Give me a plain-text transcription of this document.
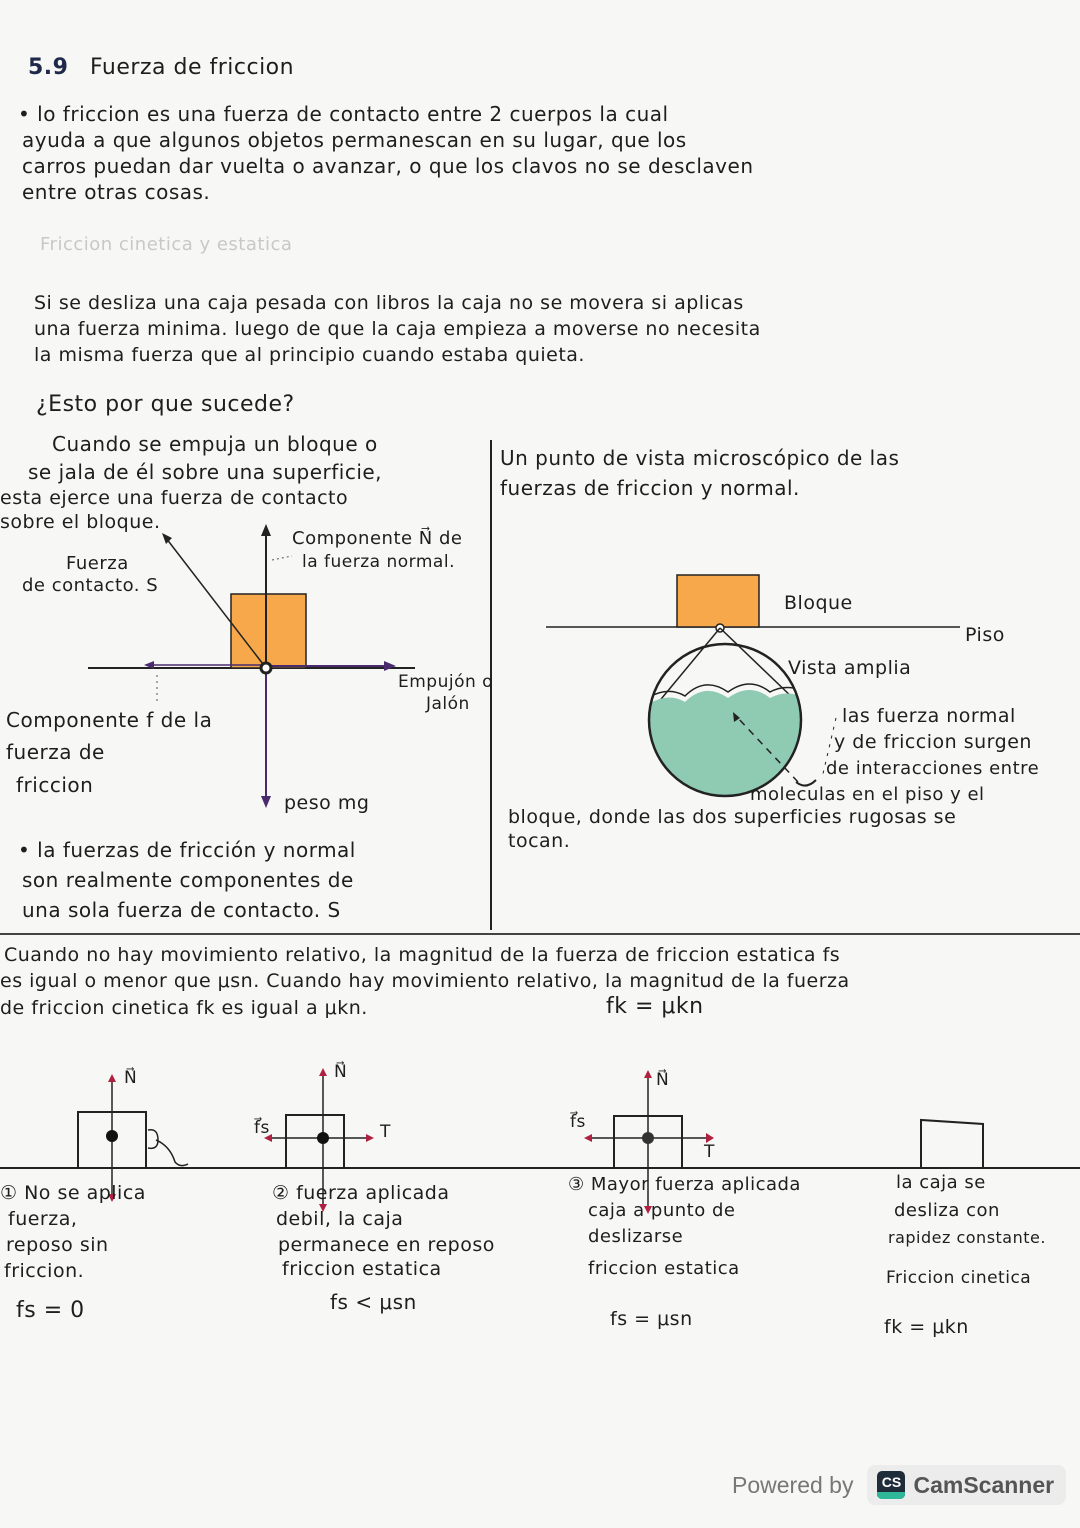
5.9 Fuerza de friccion
• lo friccion es una fuerza de contacto entre 2 cuerpos la cual
ayuda a que algunos objetos permanescan en su lugar, que los
carros puedan dar vuelta o avanzar, o que los clavos no se desclaven
entre otras cosas.
Friccion cinetica y estatica
Si se desliza una caja pesada con libros la caja no se movera si aplicas
una fuerza minima. luego de que la caja empieza a moverse no necesita
la misma fuerza que al principio cuando estaba quieta.
¿Esto por que sucede?
Cuando se empuja un bloque o
se jala de él sobre una superficie,
esta ejerce una fuerza de contacto
sobre el bloque.
Fuerza
de contacto. S
Componente N⃗ de
la fuerza normal.
Empujón o
Jalón
Componente f de la
fuerza de
friccion
peso mg
• la fuerzas de fricción y normal
son realmente componentes de
una sola fuerza de contacto. S
Un punto de vista microscópico de las
fuerzas de friccion y normal.
Bloque
Piso
Vista amplia
las fuerza normal
y de friccion surgen
de interacciones entre
moleculas en el piso y el
bloque, donde las dos superficies rugosas se
tocan.
Cuando no hay movimiento relativo, la magnitud de la fuerza de friccion estatica fs
es igual o menor que μsn. Cuando hay movimiento relativo, la magnitud de la fuerza
de friccion cinetica fk es igual a μkn.	fk = μkn
N⃗	N⃗
f⃗s	T
N⃗
f⃗s
T
① No se aplica
fuerza,
reposo sin
friccion.
fs = 0
② fuerza aplicada
debil, la caja
permanece en reposo
friccion estatica
fs < μsn
③ Mayor fuerza aplicada
caja a punto de
deslizarse
friccion estatica
fs = μsn
la caja se
desliza con
rapidez constante.
Friccion cinetica
fk = μkn
Powered by CS CamScanner
